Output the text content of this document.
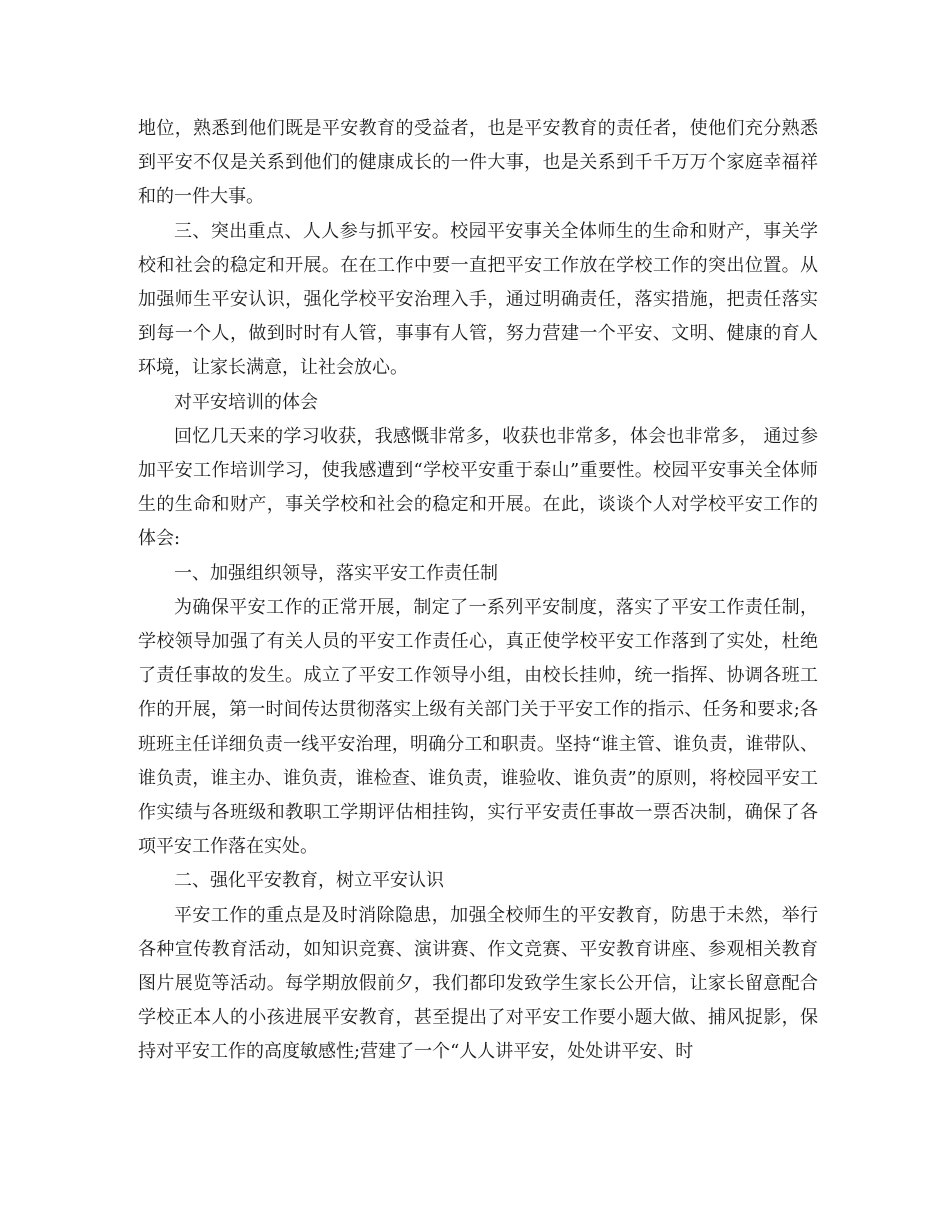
地位，熟悉到他们既是平安教育的受益者，也是平安教育的责任者，使他们充分熟悉到平安不仅是关系到他们的健康成长的一件大事，也是关系到千千万万个家庭幸福祥和的一件大事。

三、突出重点、人人参与抓平安。校园平安事关全体师生的生命和财产，事关学校和社会的稳定和开展。在在工作中要一直把平安工作放在学校工作的突出位置。从加强师生平安认识，强化学校平安治理入手，通过明确责任，落实措施，把责任落实到每一个人，做到时时有人管，事事有人管，努力营建一个平安、文明、健康的育人环境，让家长满意，让社会放心。

对平安培训的体会

回忆几天来的学习收获，我感慨非常多，收获也非常多，体会也非常多， 通过参加平安工作培训学习，使我感遭到“学校平安重于泰山”重要性。校园平安事关全体师生的生命和财产，事关学校和社会的稳定和开展。在此，谈谈个人对学校平安工作的体会:

一、加强组织领导，落实平安工作责任制

为确保平安工作的正常开展，制定了一系列平安制度，落实了平安工作责任制，学校领导加强了有关人员的平安工作责任心，真正使学校平安工作落到了实处，杜绝了责任事故的发生。成立了平安工作领导小组，由校长挂帅，统一指挥、协调各班工作的开展，第一时间传达贯彻落实上级有关部门关于平安工作的指示、任务和要求;各班班主任详细负责一线平安治理，明确分工和职责。坚持“谁主管、谁负责，谁带队、谁负责，谁主办、谁负责，谁检查、谁负责，谁验收、谁负责”的原则，将校园平安工作实绩与各班级和教职工学期评估相挂钩，实行平安责任事故一票否决制，确保了各项平安工作落在实处。

二、强化平安教育，树立平安认识

平安工作的重点是及时消除隐患，加强全校师生的平安教育，防患于未然，举行各种宣传教育活动，如知识竞赛、演讲赛、作文竞赛、平安教育讲座、参观相关教育图片展览等活动。每学期放假前夕，我们都印发致学生家长公开信，让家长留意配合学校正本人的小孩进展平安教育，甚至提出了对平安工作要小题大做、捕风捉影，保持对平安工作的高度敏感性;营建了一个“人人讲平安，处处讲平安、时
